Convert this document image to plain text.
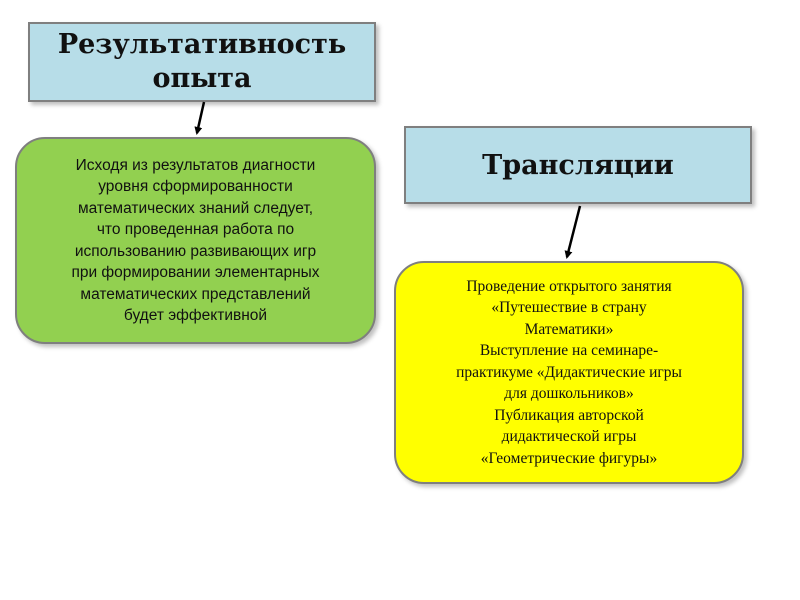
Результативность
опыта
Исходя из результатов диагности
уровня сформированности
математических знаний следует,
что проведенная работа по
использованию развивающих игр
при формировании элементарных
математических представлений
будет эффективной
Трансляции
Проведение открытого занятия
«Путешествие в страну
Математики»
Выступление на семинаре-
практикуме «Дидактические игры
для дошкольников»
Публикация авторской
дидактической игры
«Геометрические фигуры»
